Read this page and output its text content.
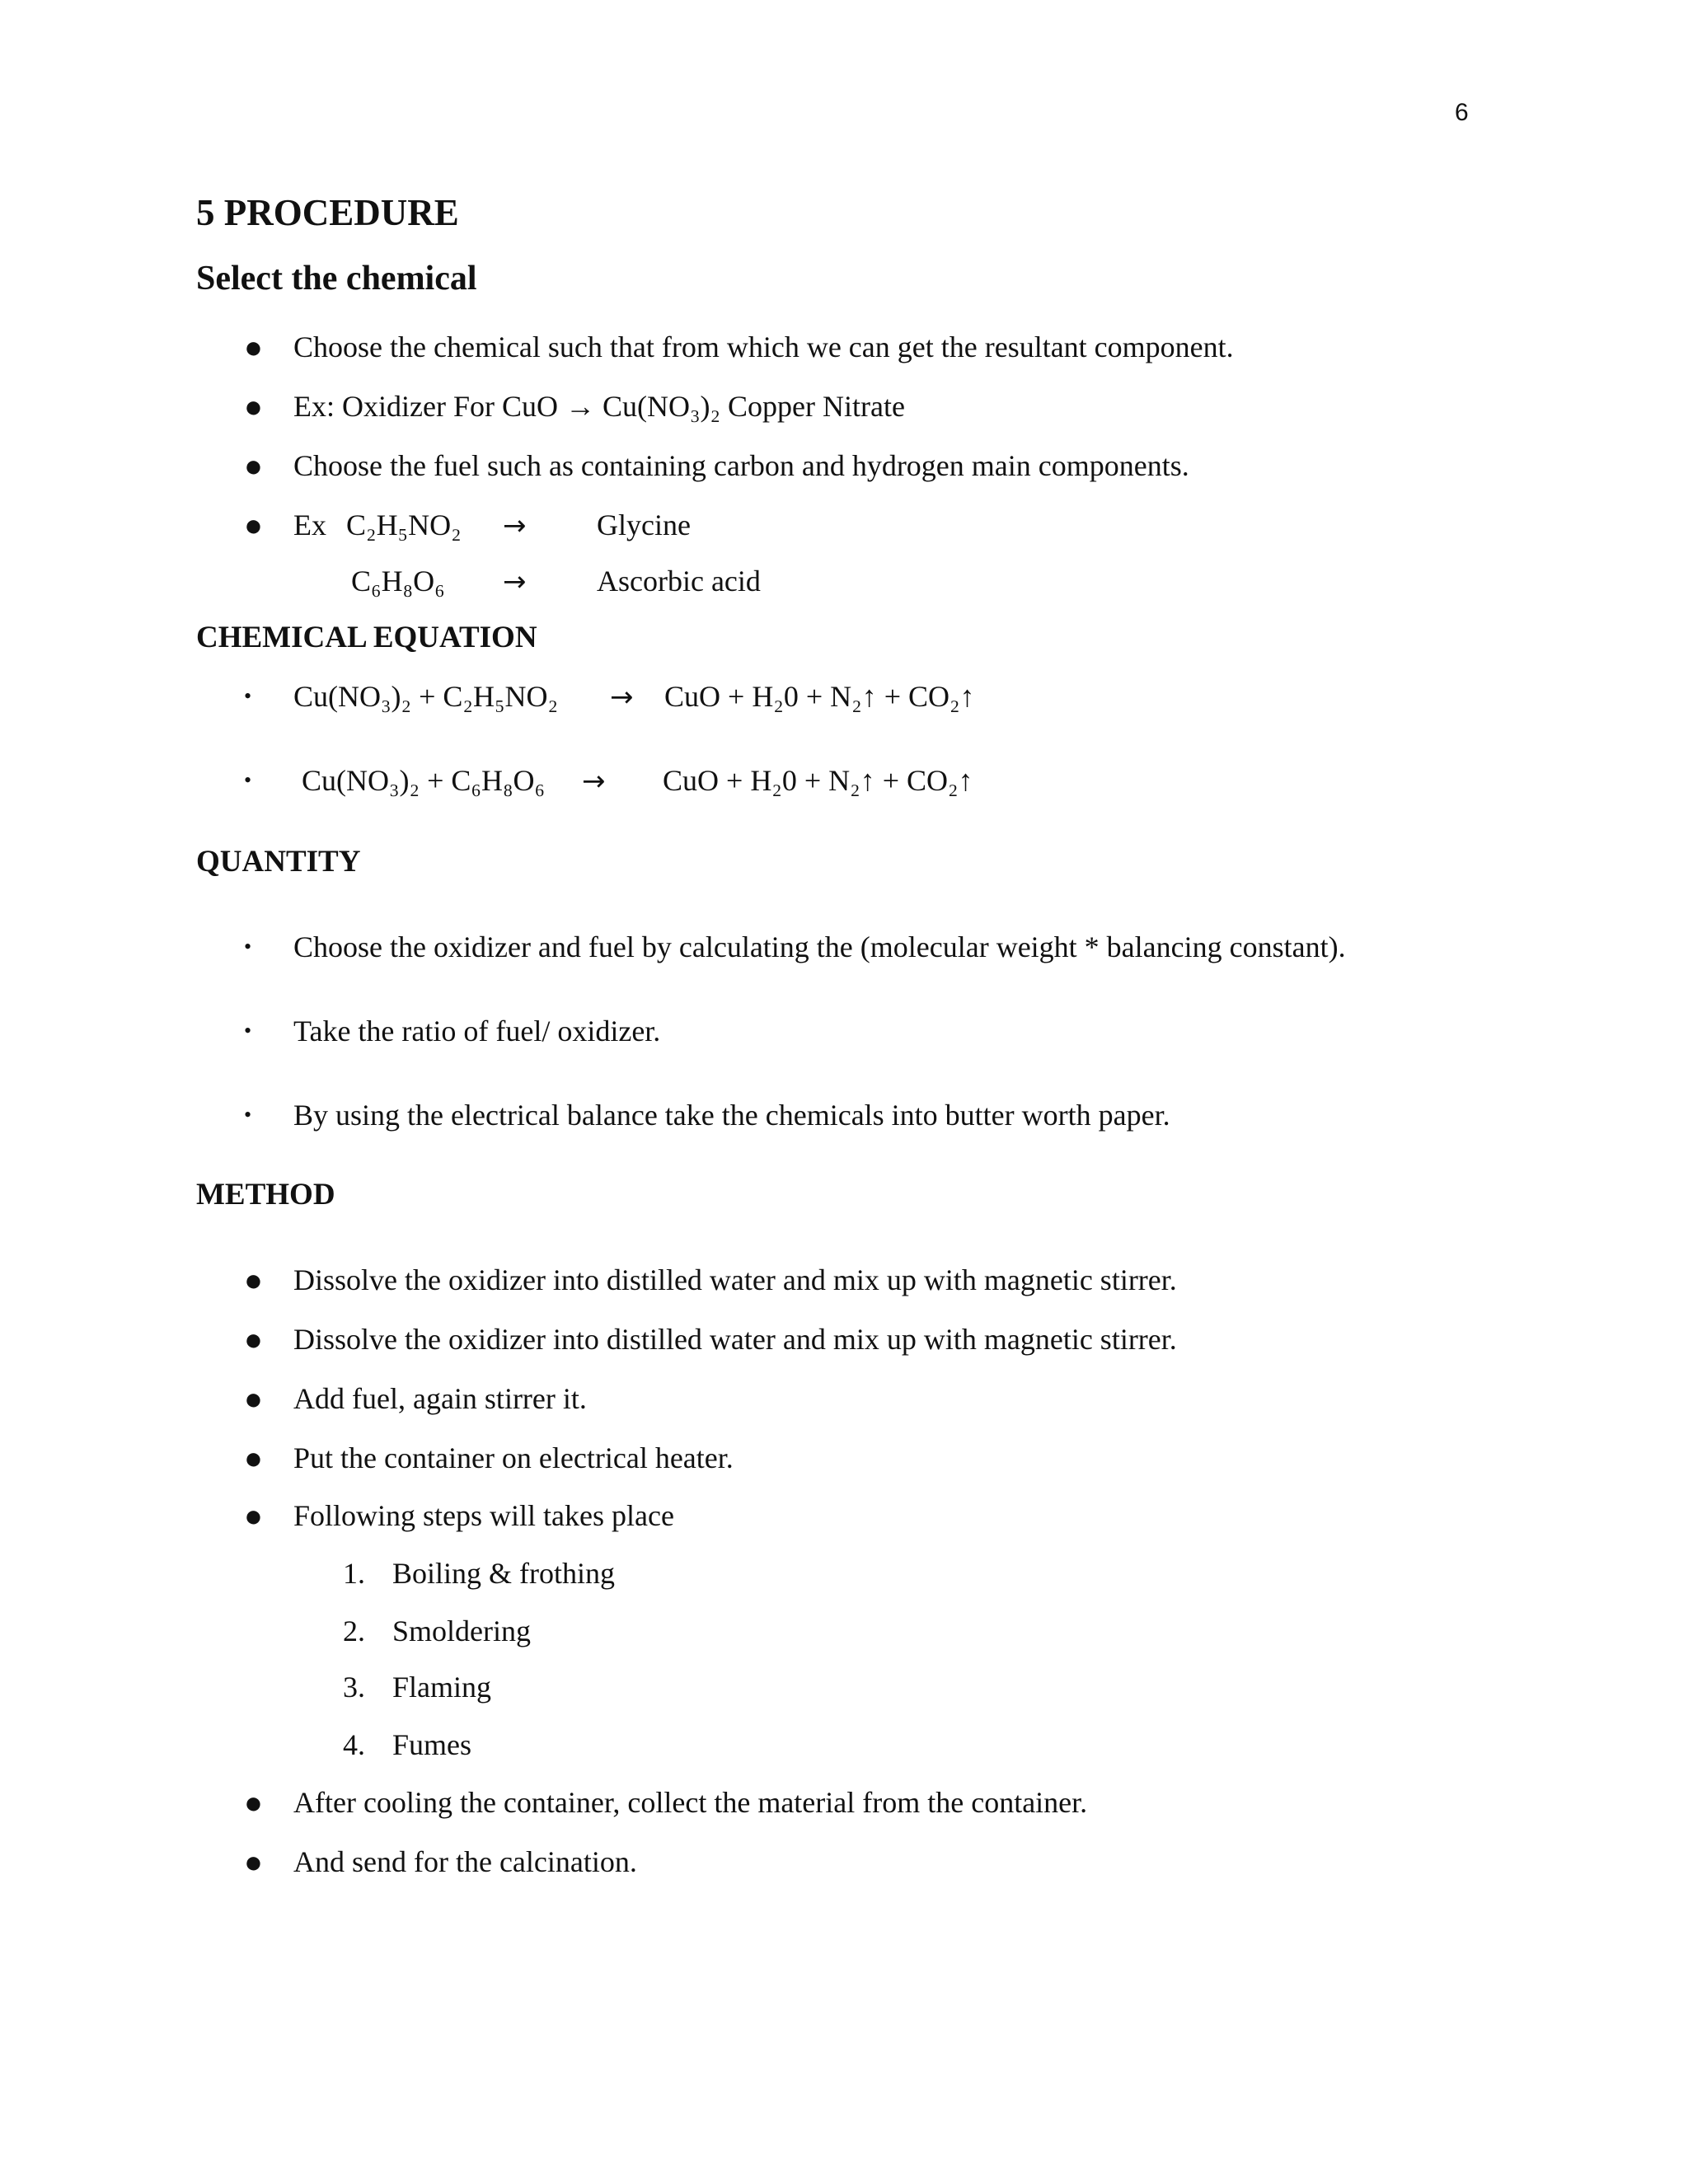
6
5 PROCEDURE
Select the chemical
● Choose the chemical such that from which we can get the resultant component.
● Ex: Oxidizer For CuO → Cu(NO₃)₂ Copper Nitrate
● Choose the fuel such as containing carbon and hydrogen main components.
● Ex C₂H₅NO₂ → Glycine
C₆H₈O₆ → Ascorbic acid
CHEMICAL EQUATION
• Cu(NO₃)₂ + C₂H₅NO₂ → CuO + H₂0 + N₂↑ + CO₂↑
• Cu(NO₃)₂ + C₆H₈O₆ → CuO + H₂0 + N₂↑ + CO₂↑
QUANTITY
• Choose the oxidizer and fuel by calculating the (molecular weight * balancing constant).
• Take the ratio of fuel/ oxidizer.
• By using the electrical balance take the chemicals into butter worth paper.
METHOD
● Dissolve the oxidizer into distilled water and mix up with magnetic stirrer.
● Dissolve the oxidizer into distilled water and mix up with magnetic stirrer.
● Add fuel, again stirrer it.
● Put the container on electrical heater.
● Following steps will takes place
1. Boiling & frothing
2. Smoldering
3. Flaming
4. Fumes
● After cooling the container, collect the material from the container.
● And send for the calcination.
